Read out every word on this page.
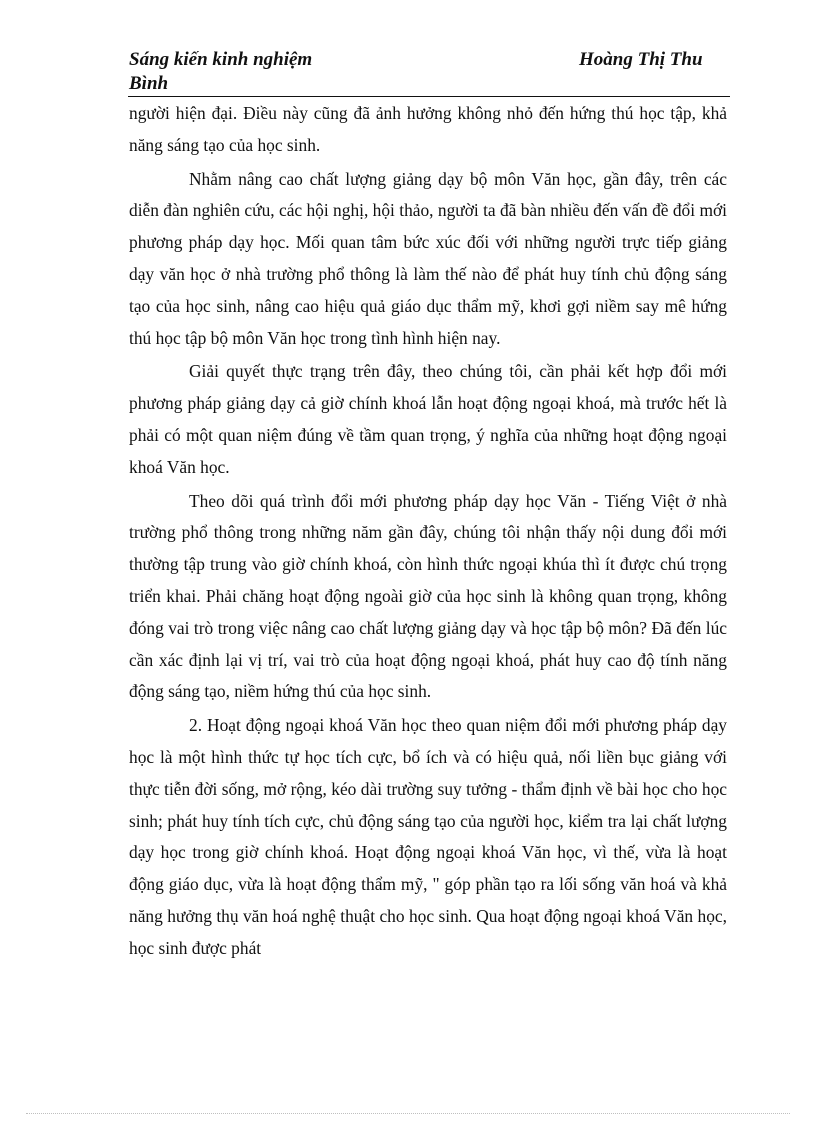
Sáng kiến kinh nghiệm	Hoàng Thị Thu
Bình

người hiện đại. Điều này cũng đã ảnh hưởng không nhỏ đến hứng thú học tập, khả năng sáng tạo của học sinh.

Nhằm nâng cao chất lượng giảng dạy bộ môn Văn học, gần đây, trên các diễn đàn nghiên cứu, các hội nghị, hội thảo, người ta đã bàn nhiều đến vấn đề đổi mới phương pháp dạy học. Mối quan tâm bức xúc đối với những người trực tiếp giảng dạy văn học ở nhà trường phổ thông là làm thế nào để phát huy tính chủ động sáng tạo của học sinh, nâng cao hiệu quả giáo dục thẩm mỹ, khơi gợi niềm say mê hứng thú học tập bộ môn Văn học trong tình hình hiện nay.

Giải quyết thực trạng trên đây, theo chúng tôi, cần phải kết hợp đổi mới phương pháp giảng dạy cả giờ chính khoá lẫn hoạt động ngoại khoá, mà trước hết là phải có một quan niệm đúng về tầm quan trọng, ý nghĩa của những hoạt động ngoại khoá Văn học.

Theo dõi quá trình đổi mới phương pháp dạy học Văn - Tiếng Việt ở nhà trường phổ thông trong những năm gần đây, chúng tôi nhận thấy nội dung đổi mới thường tập trung vào giờ chính khoá, còn hình thức ngoại khúa thì ít được chú trọng triển khai. Phải chăng hoạt động ngoài giờ của học sinh là không quan trọng, không đóng vai trò trong việc nâng cao chất lượng giảng dạy và học tập bộ môn? Đã đến lúc cần xác định lại vị trí, vai trò của hoạt động ngoại khoá, phát huy cao độ tính năng động sáng tạo, niềm hứng thú của học sinh.

2. Hoạt động ngoại khoá Văn học theo quan niệm đổi mới phương pháp dạy học là một hình thức tự học tích cực, bổ ích và có hiệu quả, nối liền bục giảng với thực tiễn đời sống, mở rộng, kéo dài trường suy tưởng - thẩm định về bài học cho học sinh; phát huy tính tích cực, chủ động sáng tạo của người học, kiểm tra lại chất lượng dạy học trong giờ chính khoá. Hoạt động ngoại khoá Văn học, vì thế, vừa là hoạt động giáo dục, vừa là hoạt động thẩm mỹ, " góp phần tạo ra lối sống văn hoá và khả năng hưởng thụ văn hoá nghệ thuật cho học sinh. Qua hoạt động ngoại khoá Văn học, học sinh được phát
